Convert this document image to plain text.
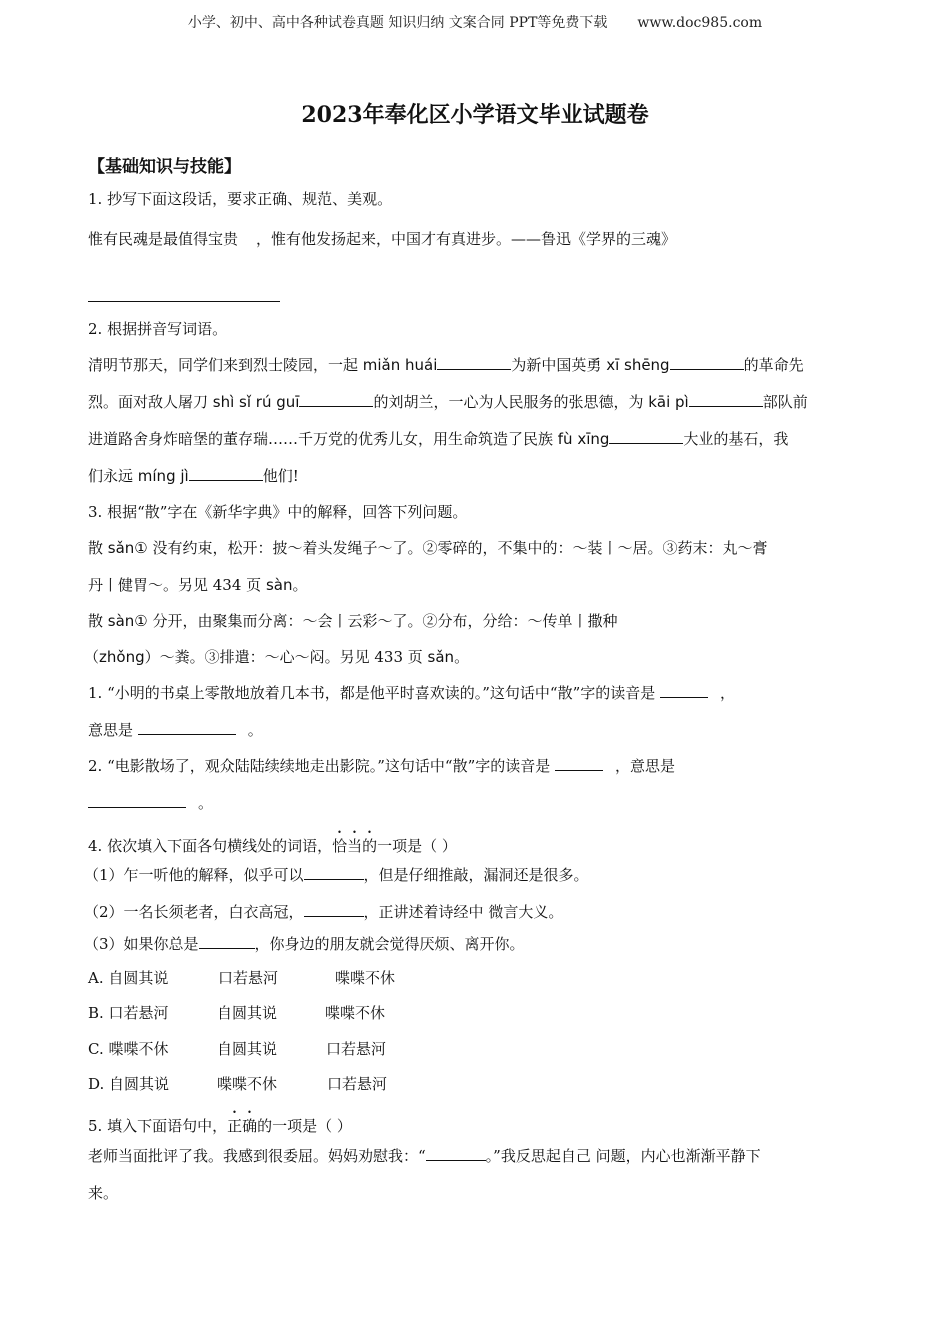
小学、初中、高中各种试卷真题 知识归纳 文案合同 PPT等免费下载 www.doc985.com
2023年奉化区小学语文毕业试题卷
【基础知识与技能】
1. 抄写下面这段话，要求正确、规范、美观。
惟有民魂是最值得宝贵 ，惟有他发扬起来，中国才有真进步。——鲁迅《学界的三魂》
2. 根据拼音写词语。
清明节那天，同学们来到烈士陵园，一起 miǎn huái	为新中国英勇 xī shēng	的革命先
烈。面对敌人屠刀 shì sǐ rú guī	的刘胡兰，一心为人民服务的张思德，为 kāi pì	部队前
进道路舍身炸暗堡的董存瑞……千万党的优秀儿女，用生命筑造了民族 fù xīng	大业的基石，我
们永远 míng jì	他们!
3. 根据“散”字在《新华字典》中的解释，回答下列问题。
散 sǎn① 没有约束，松开：披～着头发绳子～了。②零碎的，不集中的：～装丨～居。③药末：丸～膏
丹丨健胃～。另见 434 页 sàn。
散 sàn① 分开，由聚集而分离：～会丨云彩～了。②分布，分给：～传单丨撒种
（zhǒng）～粪。③排遣：～心～闷。另见 433 页 sǎn。
1. “小明的书桌上零散地放着几本书，都是他平时喜欢读的。”这句话中“散”字的读音是	，
意思是	。
2. “电影散场了，观众陆陆续续地走出影院。”这句话中“散”字的读音是	，意思是
。
4. 依次填入下面各句横线处的词语，恰当的一项是（ ）
（1）乍一听他的解释，似乎可以	，但是仔细推敲，漏洞还是很多。
（2）一名长须老者，白衣高冠，	，正讲述着诗经中 微言大义。
（3）如果你总是	，你身边的朋友就会觉得厌烦、离开你。
A. 自圆其说	口若悬河	喋喋不休
B. 口若悬河	自圆其说	喋喋不休
C. 喋喋不休	自圆其说	口若悬河
D. 自圆其说	喋喋不休	口若悬河
5. 填入下面语句中，正确的一项是（ ）
老师当面批评了我。我感到很委屈。妈妈劝慰我：“	。”我反思起自己 问题，内心也渐渐平静下
来。
